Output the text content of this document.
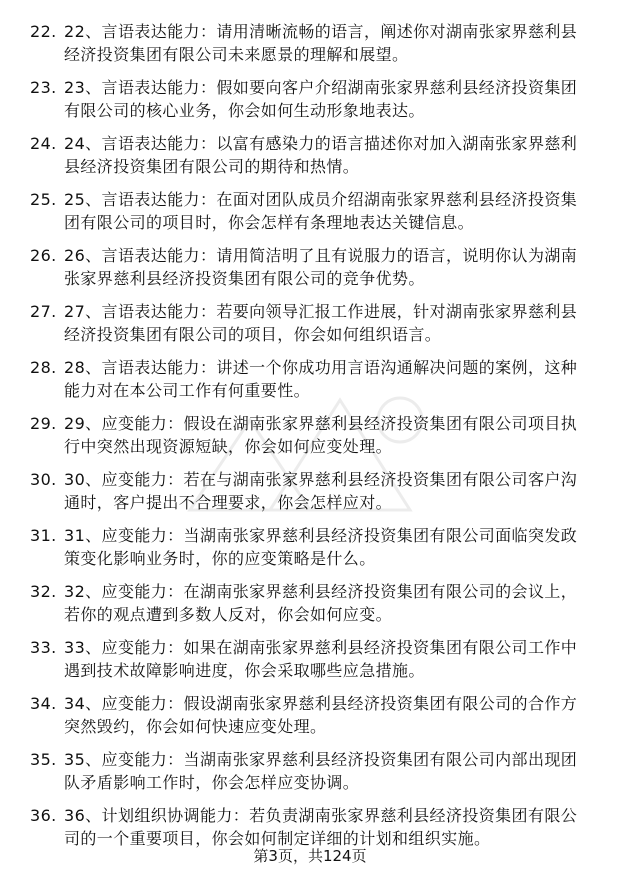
22. 22、言语表达能力：请用清晰流畅的语言，阐述你对湖南张家界慈利县经济投资集团有限公司未来愿景的理解和展望。
23. 23、言语表达能力：假如要向客户介绍湖南张家界慈利县经济投资集团有限公司的核心业务，你会如何生动形象地表达。
24. 24、言语表达能力：以富有感染力的语言描述你对加入湖南张家界慈利县经济投资集团有限公司的期待和热情。
25. 25、言语表达能力：在面对团队成员介绍湖南张家界慈利县经济投资集团有限公司的项目时，你会怎样有条理地表达关键信息。
26. 26、言语表达能力：请用简洁明了且有说服力的语言，说明你认为湖南张家界慈利县经济投资集团有限公司的竞争优势。
27. 27、言语表达能力：若要向领导汇报工作进展，针对湖南张家界慈利县经济投资集团有限公司的项目，你会如何组织语言。
28. 28、言语表达能力：讲述一个你成功用言语沟通解决问题的案例，这种能力对在本公司工作有何重要性。
29. 29、应变能力：假设在湖南张家界慈利县经济投资集团有限公司项目执行中突然出现资源短缺，你会如何应变处理。
30. 30、应变能力：若在与湖南张家界慈利县经济投资集团有限公司客户沟通时，客户提出不合理要求，你会怎样应对。
31. 31、应变能力：当湖南张家界慈利县经济投资集团有限公司面临突发政策变化影响业务时，你的应变策略是什么。
32. 32、应变能力：在湖南张家界慈利县经济投资集团有限公司的会议上，若你的观点遭到多数人反对，你会如何应变。
33. 33、应变能力：如果在湖南张家界慈利县经济投资集团有限公司工作中遇到技术故障影响进度，你会采取哪些应急措施。
34. 34、应变能力：假设湖南张家界慈利县经济投资集团有限公司的合作方突然毁约，你会如何快速应变处理。
35. 35、应变能力：当湖南张家界慈利县经济投资集团有限公司内部出现团队矛盾影响工作时，你会怎样应变协调。
36. 36、计划组织协调能力：若负责湖南张家界慈利县经济投资集团有限公司的一个重要项目，你会如何制定详细的计划和组织实施。
第3页，共124页
